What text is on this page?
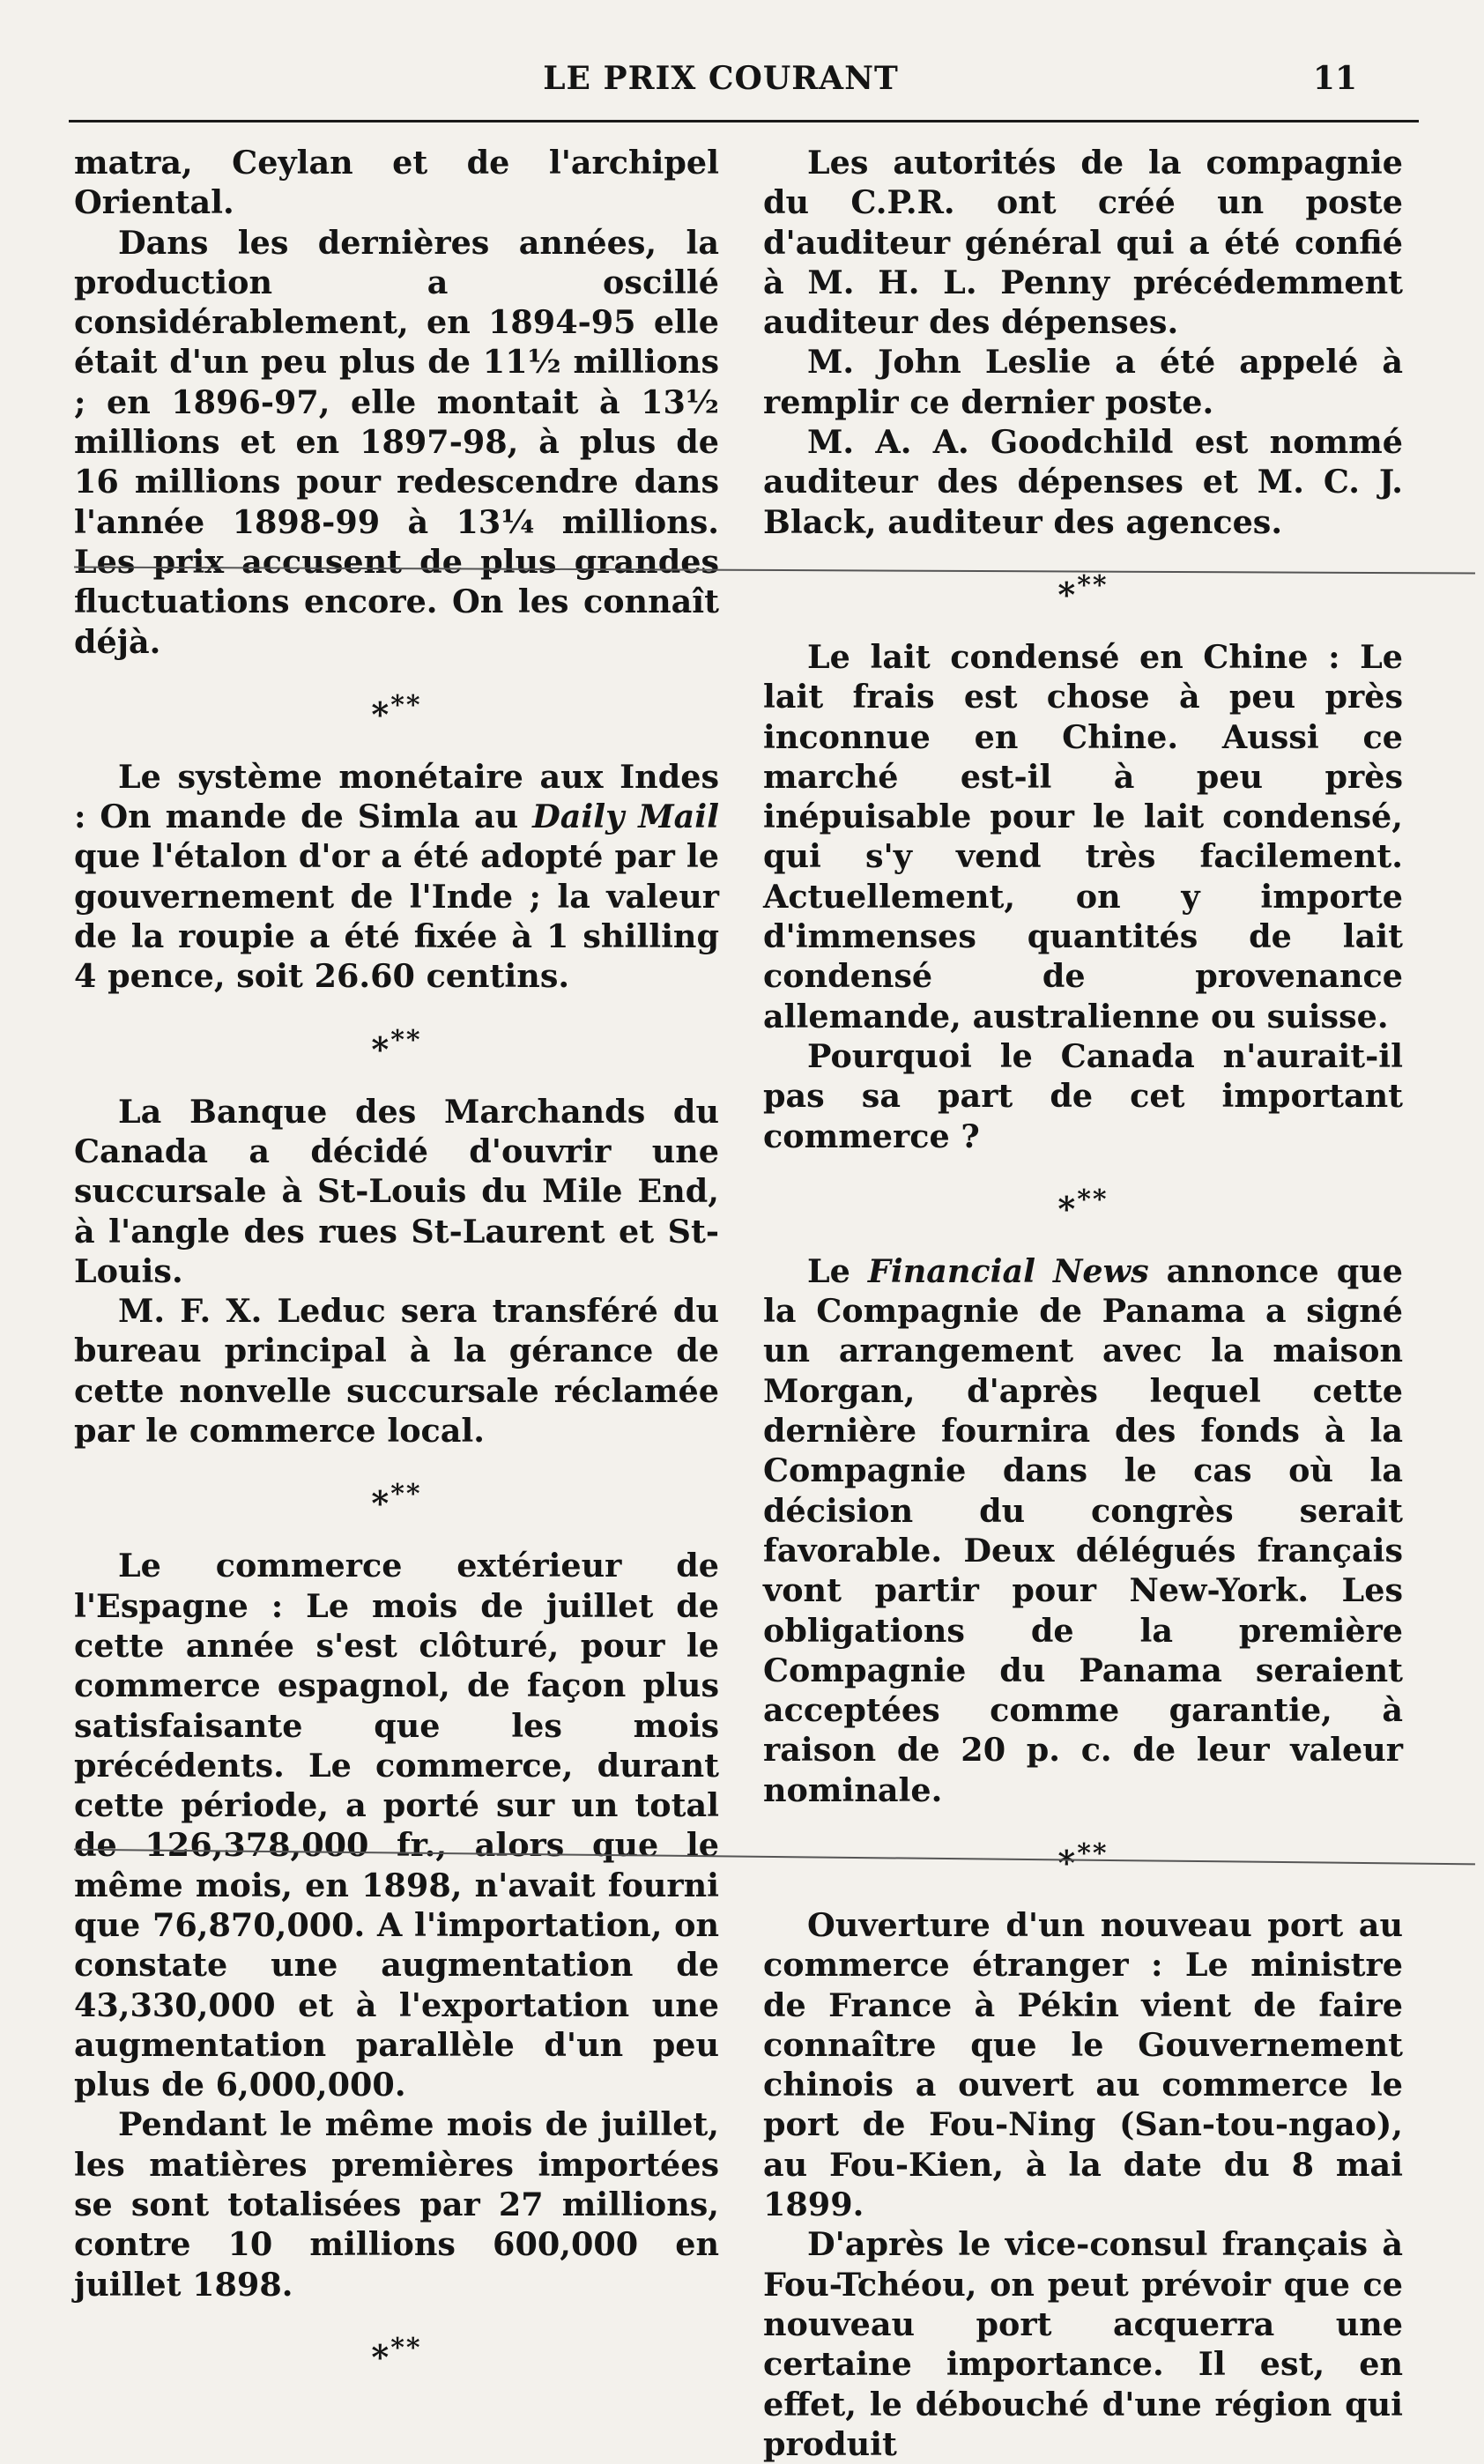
LE PRIX COURANT	11

matra, Ceylan et de l'archipel Oriental.

Dans les dernières années, la production a oscillé considérablement, en 1894-95 elle était d'un peu plus de 11½ millions ; en 1896-97, elle montait à 13½ millions et en 1897-98, à plus de 16 millions pour redescendre dans l'année 1898-99 à 13¼ millions. Les prix accusent de plus grandes fluctuations encore. On les connaît déjà.

***

Le système monétaire aux Indes : On mande de Simla au Daily Mail que l'étalon d'or a été adopté par le gouvernement de l'Inde ; la valeur de la roupie a été fixée à 1 shilling 4 pence, soit 26.60 centins.

***

La Banque des Marchands du Canada a décidé d'ouvrir une succursale à St-Louis du Mile End, à l'angle des rues St-Laurent et St-Louis.

M. F. X. Leduc sera transféré du bureau principal à la gérance de cette nonvelle succursale réclamée par le commerce local.

***

Le commerce extérieur de l'Espagne : Le mois de juillet de cette année s'est clôturé, pour le commerce espagnol, de façon plus satisfaisante que les mois précédents. Le commerce, durant cette période, a porté sur un total de 126,378,000 fr., alors que le même mois, en 1898, n'avait fourni que 76,870,000. A l'importation, on constate une augmentation de 43,330,000 et à l'exportation une augmentation parallèle d'un peu plus de 6,000,000.

Pendant le même mois de juillet, les matières premières importées se sont totalisées par 27 millions, contre 10 millions 600,000 en juillet 1898.

***

Les autorités de la compagnie du C.P.R. ont créé un poste d'auditeur général qui a été confié à M. H. L. Penny précédemment auditeur des dépenses.

M. John Leslie a été appelé à remplir ce dernier poste.

M. A. A. Goodchild est nommé auditeur des dépenses et M. C. J. Black, auditeur des agences.

***

Le lait condensé en Chine : Le lait frais est chose à peu près inconnue en Chine. Aussi ce marché est-il à peu près inépuisable pour le lait condensé, qui s'y vend très facilement. Actuellement, on y importe d'immenses quantités de lait condensé de provenance allemande, australienne ou suisse.

Pourquoi le Canada n'aurait-il pas sa part de cet important commerce ?

***

Le Financial News annonce que la Compagnie de Panama a signé un arrangement avec la maison Morgan, d'après lequel cette dernière fournira des fonds à la Compagnie dans le cas où la décision du congrès serait favorable. Deux délégués français vont partir pour New-York. Les obligations de la première Compagnie du Panama seraient acceptées comme garantie, à raison de 20 p. c. de leur valeur nominale.

***

Ouverture d'un nouveau port au commerce étranger : Le ministre de France à Pékin vient de faire connaître que le Gouvernement chinois a ouvert au commerce le port de Fou-Ning (San-tou-ngao), au Fou-Kien, à la date du 8 mai 1899.

D'après le vice-consul français à Fou-Tchéou, on peut prévoir que ce nouveau port acquerra une certaine importance. Il est, en effet, le débouché d'une région qui produit
